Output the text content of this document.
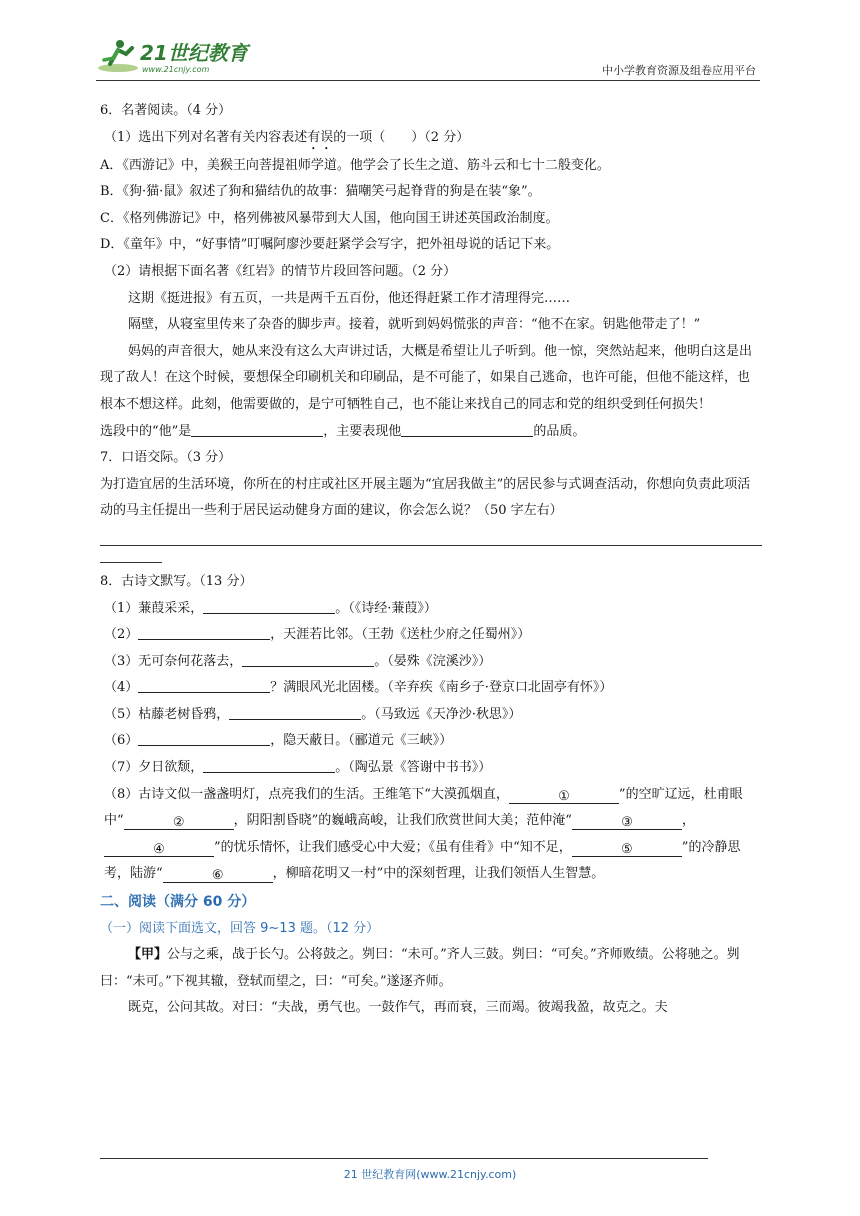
21世纪教育
www.21cnjy.com	中小学教育资源及组卷应用平台
6．名著阅读。（4 分）
（1）选出下列对名著有关内容表述有误的一项（　　）（2 分）
A．《西游记》中，美猴王向菩提祖师学道。他学会了长生之道、筋斗云和七十二般变化。
B．《狗·猫·鼠》叙述了狗和猫结仇的故事：猫嘲笑弓起脊背的狗是在装“象”。
C．《格列佛游记》中，格列佛被风暴带到大人国，他向国王讲述英国政治制度。
D．《童年》中，“好事情”叮嘱阿廖沙要赶紧学会写字，把外祖母说的话记下来。
（2）请根据下面名著《红岩》的情节片段回答问题。（2 分）
这期《挺进报》有五页，一共是两千五百份，他还得赶紧工作才清理得完……
隔壁，从寝室里传来了杂沓的脚步声。接着，就听到妈妈慌张的声音：“他不在家。钥匙他带走了！”
妈妈的声音很大，她从来没有这么大声讲过话，大概是希望让儿子听到。他一惊，突然站起来，他明白这是出现了敌人！在这个时候，要想保全印刷机关和印刷品，是不可能了，如果自己逃命，也许可能，但他不能这样，也根本不想这样。此刻，他需要做的，是宁可牺牲自己，也不能让来找自己的同志和党的组织受到任何损失！
选段中的“他”是	，主要表现他	的品质。
7．口语交际。（3 分）
为打造宜居的生活环境，你所在的村庄或社区开展主题为“宜居我做主”的居民参与式调查活动，你想向负责此项活动的马主任提出一些利于居民运动健身方面的建议，你会怎么说？（50 字左右）
8．古诗文默写。（13 分）
（1）蒹葭采采，	。（《诗经·蒹葭》）
（2）	，天涯若比邻。（王勃《送杜少府之任蜀州》）
（3）无可奈何花落去，	。（晏殊《浣溪沙》）
（4）	？满眼风光北固楼。（辛弃疾《南乡子·登京口北固亭有怀》）
（5）枯藤老树昏鸦，	。（马致远《天净沙·秋思》）
（6）	，隐天蔽日。（郦道元《三峡》）
（7）夕日欲颓，	。（陶弘景《答谢中书书》）
（8）古诗文似一盏盏明灯，点亮我们的生活。王维笔下“大漠孤烟直，	①	”的空旷辽远，杜甫眼中“	②	，阴阳割昏晓”的巍峨高峻，让我们欣赏世间大美；范仲淹“	③	，④	”的忧乐情怀，让我们感受心中大爱；《虽有佳肴》中“知不足，	⑤	”的冷静思考，陆游“	⑥	，柳暗花明又一村”中的深刻哲理，让我们领悟人生智慧。
二、阅读（满分 60 分）
（一）阅读下面选文，回答 9~13 题。（12 分）
【甲】公与之乘，战于长勺。公将鼓之。刿曰：“未可。”齐人三鼓。刿曰：“可矣。”齐师败绩。公将驰之。刿曰：“未可。”下视其辙，登轼而望之，曰：“可矣。”遂逐齐师。
既克，公问其故。对曰：“夫战，勇气也。一鼓作气，再而衰，三而竭。彼竭我盈，故克之。夫
21 世纪教育网(www.21cnjy.com)
